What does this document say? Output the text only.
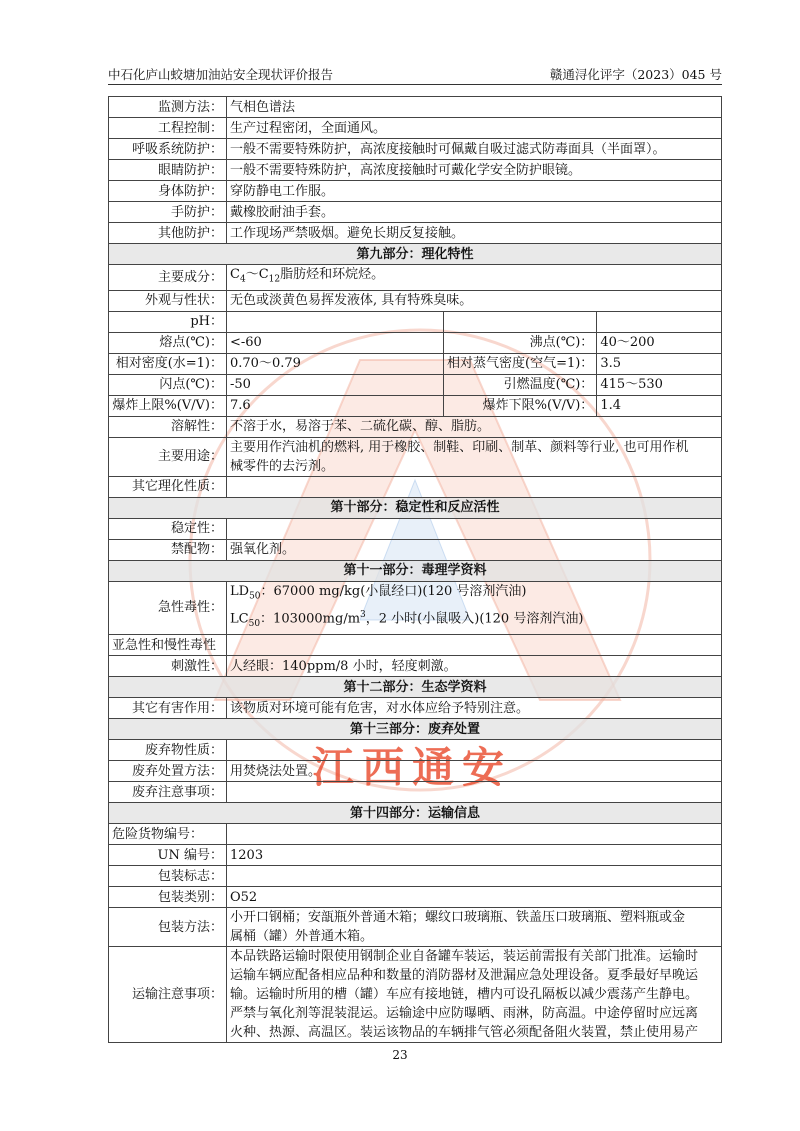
中石化庐山蛟塘加油站安全现状评价报告	赣通浔化评字（2023）045 号
江西通安
监测方法：	气相色谱法		
工程控制：	生产过程密闭，全面通风。		
呼吸系统防护：	一般不需要特殊防护，高浓度接触时可佩戴自吸过滤式防毒面具（半面罩）。		
眼睛防护：	一般不需要特殊防护，高浓度接触时可戴化学安全防护眼镜。		
身体防护：	穿防静电工作服。		
手防护：	戴橡胶耐油手套。		
其他防护：	工作现场严禁吸烟。避免长期反复接触。		
第九部分：理化特性			
主要成分：	$C_4\sim C_{12}$脂肪烃和环烷烃。		
外观与性状：	无色或淡黄色易挥发液体, 具有特殊臭味。		
pH：			
熔点(℃)：	<-60	沸点(℃)：	40～200
相对密度(水=1)：	0.70～0.79	相对蒸气密度(空气=1)：	3.5
闪点(℃)：	-50	引燃温度(℃)：	415～530
爆炸上限%(V/V)：	7.6	爆炸下限%(V/V)：	1.4
溶解性：	不溶于水，易溶于苯、二硫化碳、醇、脂肪。		
主要用途：	主要用作汽油机的燃料, 用于橡胶、制鞋、印刷、制革、颜料等行业, 也可用作机
械零件的去污剂。		

其它理化性质：			
第十部分：稳定性和反应活性			
稳定性：			
禁配物：	强氧化剂。		
第十一部分：毒理学资料			
急性毒性：	$LD_{50}$：67000 mg/kg(小鼠经口)(120 号溶剂汽油)
$LC_{50}$：$103000mg/m^3$，2 小时(小鼠吸入)(120 号溶剂汽油)		

亚急性和慢性毒性			
刺激性：	人经眼：140ppm/8 小时，轻度刺激。		
第十二部分：生态学资料			
其它有害作用：	该物质对环境可能有危害，对水体应给予特别注意。		
第十三部分：废弃处置			
废弃物性质：			
废弃处置方法：	用焚烧法处置。		
废弃注意事项：			
第十四部分：运输信息			
危险货物编号：			
UN 编号：	1203		
包装标志：			
包装类别：	O52		
包装方法：	小开口钢桶；安瓿瓶外普通木箱；螺纹口玻璃瓶、铁盖压口玻璃瓶、塑料瓶或金
属桶（罐）外普通木箱。		

运输注意事项：	本品铁路运输时限使用钢制企业自备罐车装运，装运前需报有关部门批准。运输时
运输车辆应配备相应品种和数量的消防器材及泄漏应急处理设备。夏季最好早晚运
输。运输时所用的槽（罐）车应有接地链，槽内可设孔隔板以减少震荡产生静电。
严禁与氧化剂等混装混运。运输途中应防曝晒、雨淋，防高温。中途停留时应远离
火种、热源、高温区。装运该物品的车辆排气管必须配备阻火装置，禁止使用易产		
23
